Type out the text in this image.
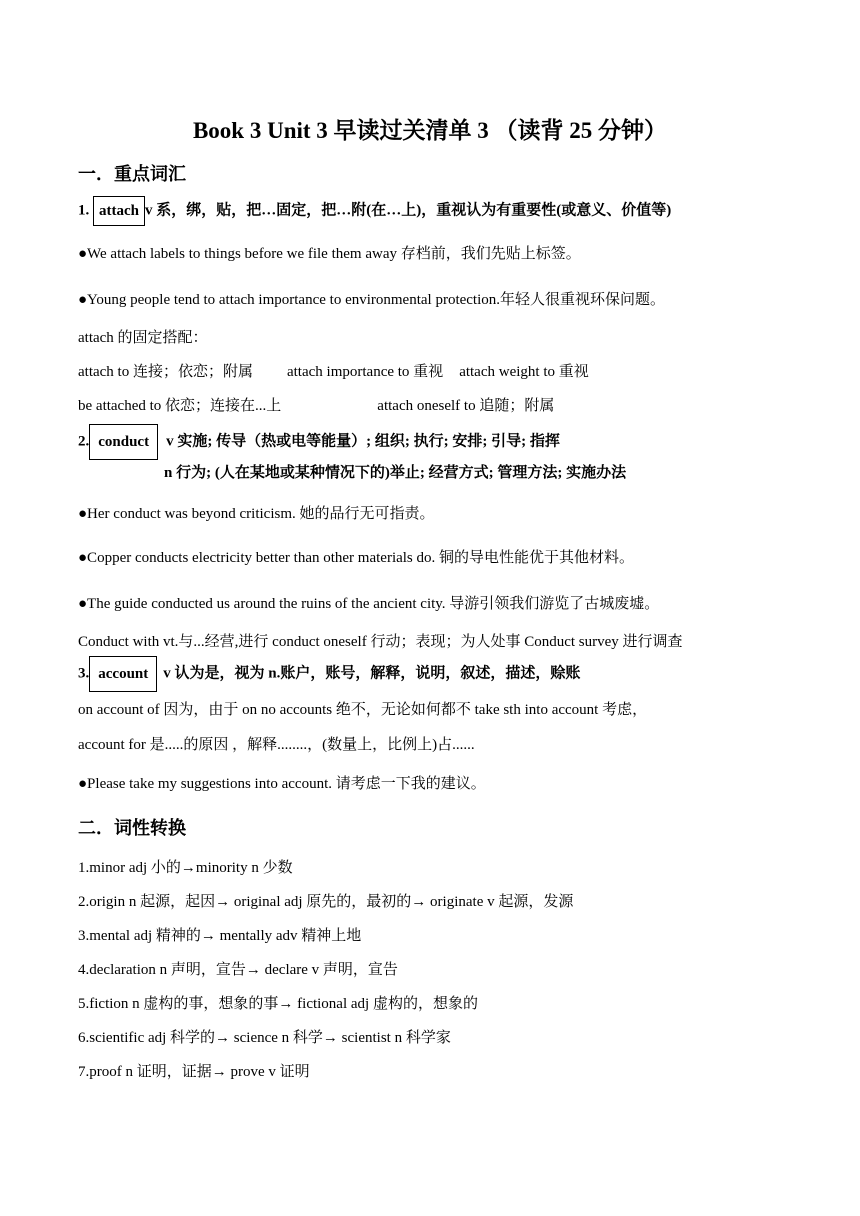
Book 3 Unit 3 早读过关清单 3 （读背 25 分钟）
一．重点词汇
1. attach v 系，绑，贴，把…固定，把…附(在…上)，重视认为有重要性(或意义、价值等)
●We attach labels to things before we file them away 存档前，我们先贴上标签。
●Young people tend to attach importance to environmental protection.年轻人很重视环保问题。
attach 的固定搭配：
attach to 连接；依恋；附属 attach importance to 重视 attach weight to 重视
be attached to 依恋；连接在...上	attach oneself to 追随；附属
2. conduct v 实施; 传导（热或电等能量）; 组织; 执行; 安排; 引导; 指挥
n 行为; (人在某地或某种情况下的)举止; 经营方式; 管理方法; 实施办法
●Her conduct was beyond criticism. 她的品行无可指责。
●Copper conducts electricity better than other materials do. 铜的导电性能优于其他材料。
●The guide conducted us around the ruins of the ancient city. 导游引领我们游览了古城废墟。
Conduct with vt.与...经营,进行 conduct oneself 行动；表现；为人处事 Conduct survey 进行调查
3. account v 认为是，视为 n.账户，账号，解释，说明，叙述，描述，赊账
on account of 因为，由于 on no accounts 绝不，无论如何都不 take sth into account 考虑，
account for 是.....的原因 ，解释........，(数量上，比例上)占......
●Please take my suggestions into account. 请考虑一下我的建议。
二．词性转换
1.minor adj 小的→minority n 少数
2.origin n 起源，起因→ original adj 原先的，最初的→ originate v 起源，发源
3.mental adj 精神的→ mentally adv 精神上地
4.declaration n 声明，宣告→ declare v 声明，宣告
5.fiction n 虚构的事，想象的事→ fictional adj 虚构的，想象的
6.scientific adj 科学的→ science n 科学→ scientist n 科学家
7.proof n 证明，证据→ prove v 证明
